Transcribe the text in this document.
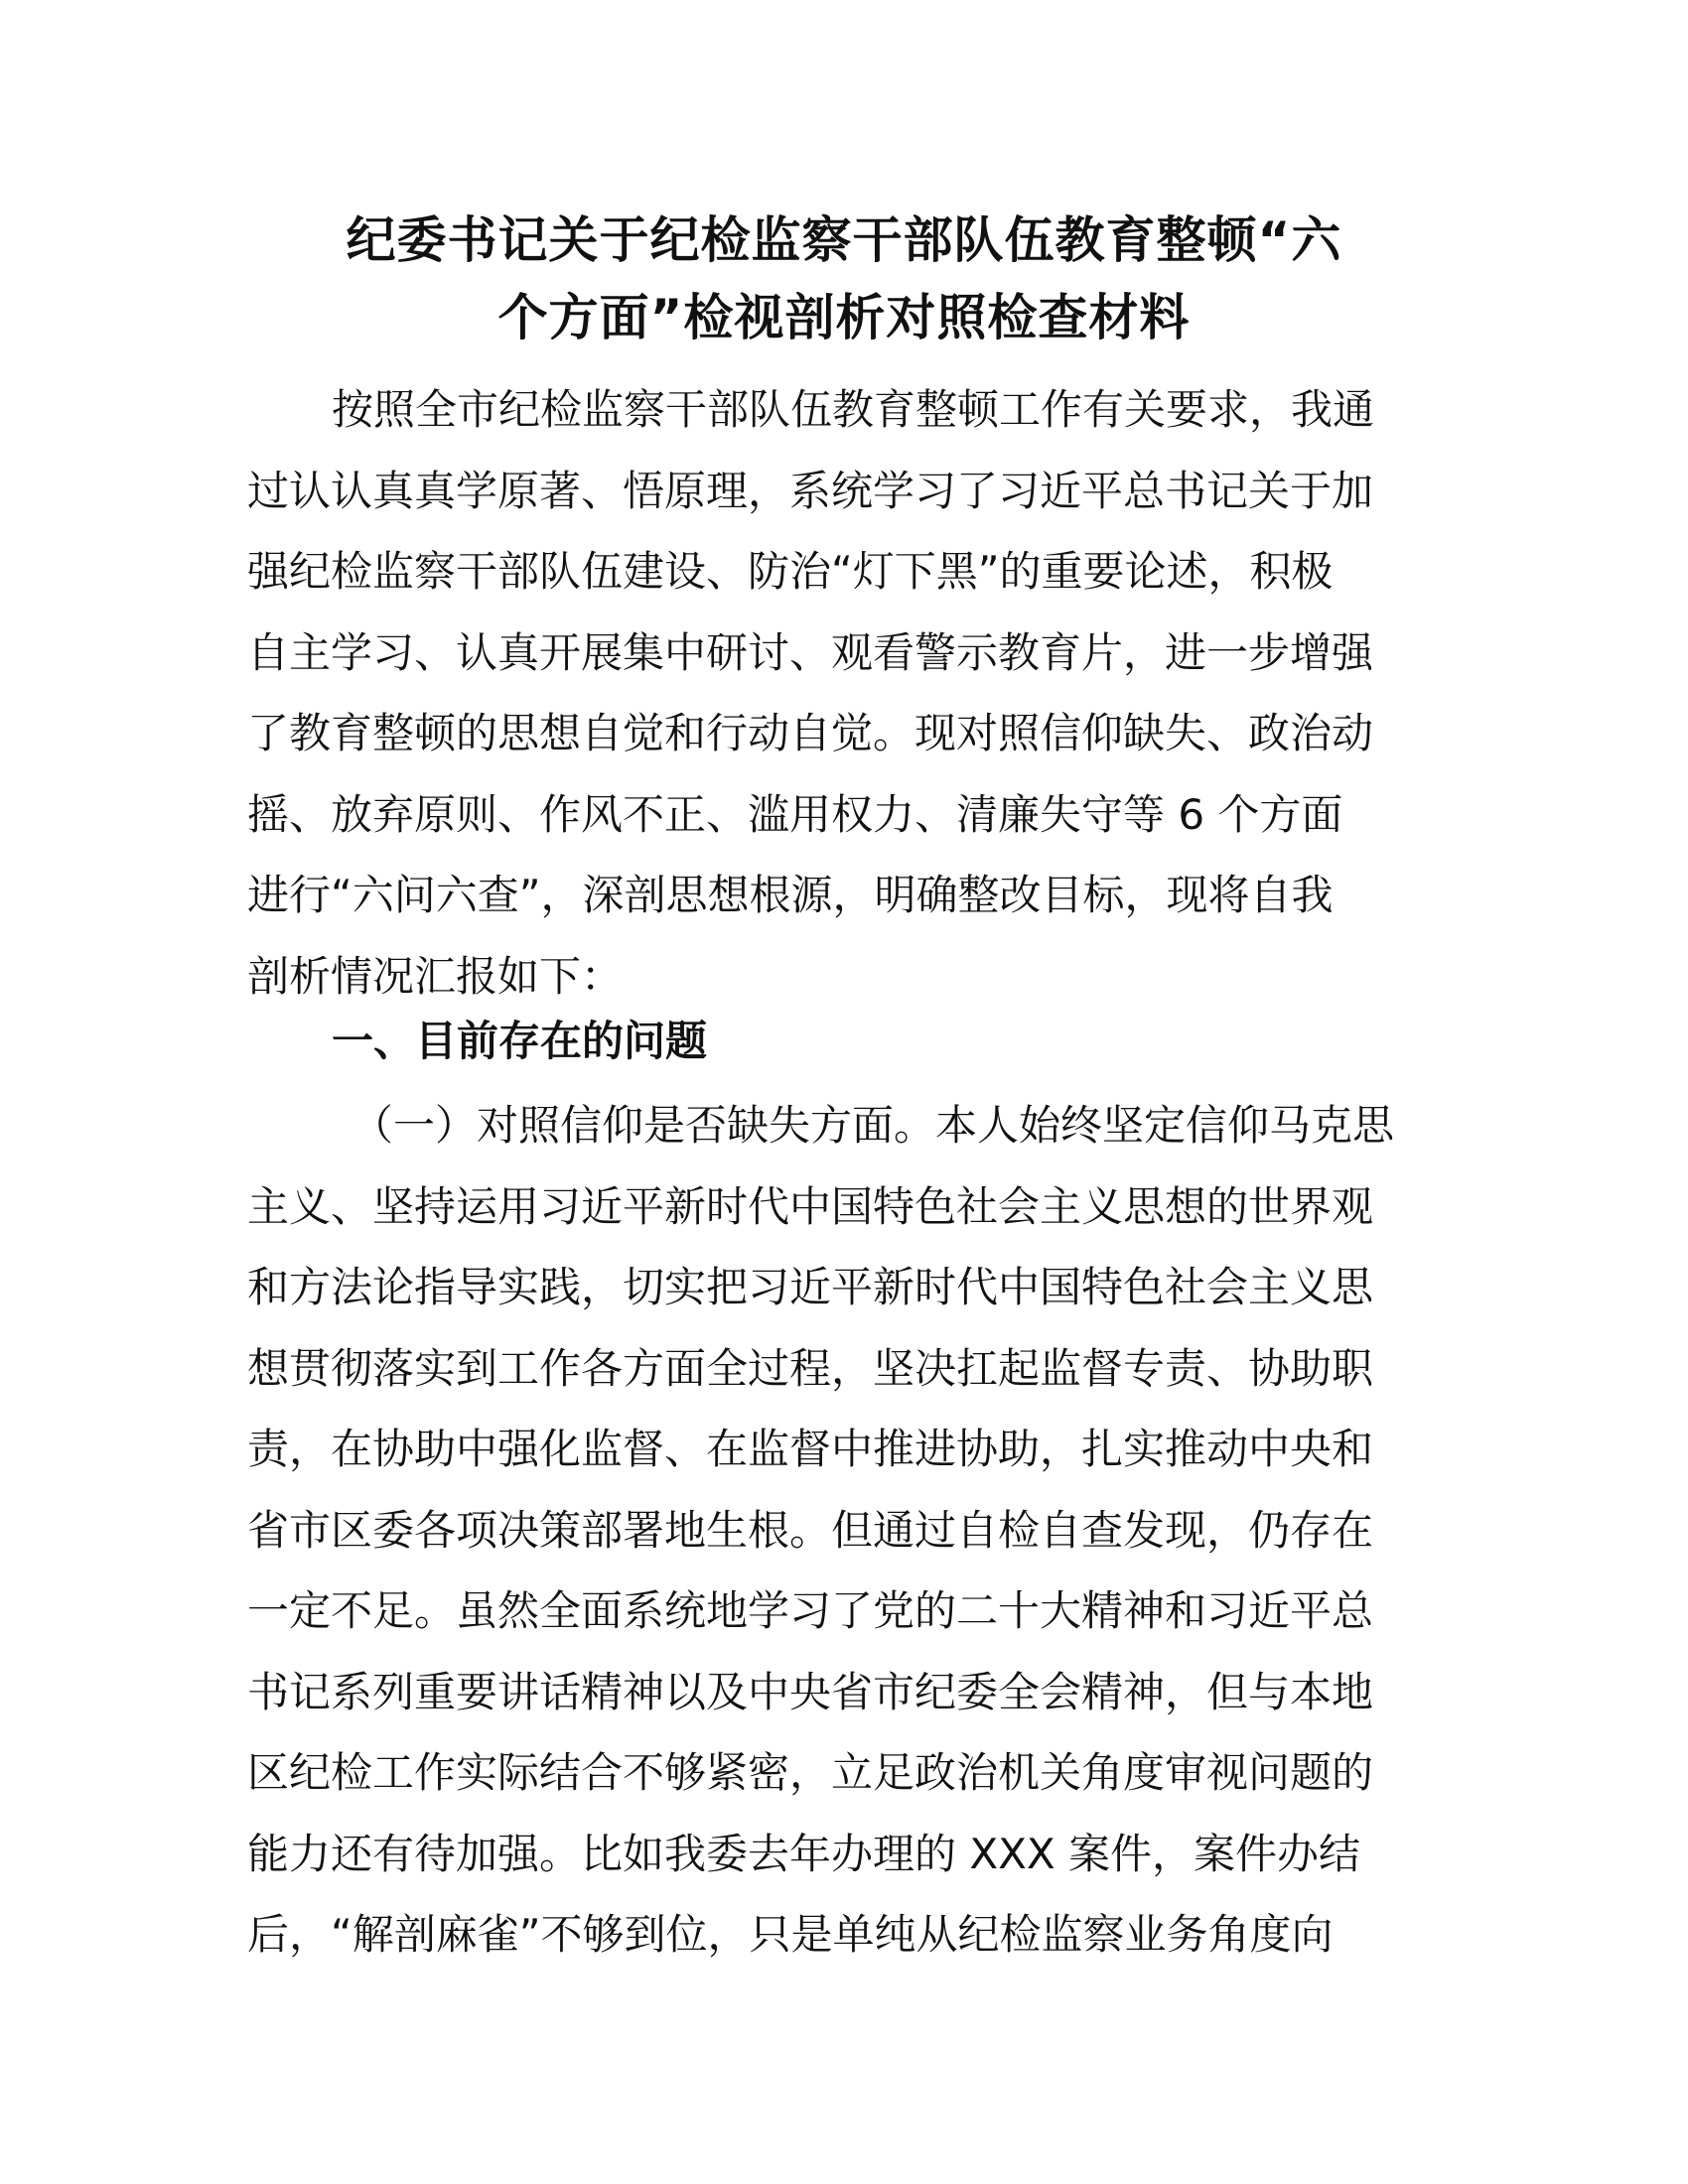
纪委书记关于纪检监察干部队伍教育整顿“六
个方面”检视剖析对照检查材料
按照全市纪检监察干部队伍教育整顿工作有关要求，我通
过认认真真学原著、悟原理，系统学习了习近平总书记关于加
强纪检监察干部队伍建设、防治“灯下黑”的重要论述，积极
自主学习、认真开展集中研讨、观看警示教育片，进一步增强
了教育整顿的思想自觉和行动自觉。现对照信仰缺失、政治动
摇、放弃原则、作风不正、滥用权力、清廉失守等 6 个方面
进行“六问六查”，深剖思想根源，明确整改目标，现将自我
剖析情况汇报如下：
一、目前存在的问题
（一）对照信仰是否缺失方面。本人始终坚定信仰马克思
主义、坚持运用习近平新时代中国特色社会主义思想的世界观
和方法论指导实践，切实把习近平新时代中国特色社会主义思
想贯彻落实到工作各方面全过程，坚决扛起监督专责、协助职
责，在协助中强化监督、在监督中推进协助，扎实推动中央和
省市区委各项决策部署地生根。但通过自检自查发现，仍存在
一定不足。虽然全面系统地学习了党的二十大精神和习近平总
书记系列重要讲话精神以及中央省市纪委全会精神，但与本地
区纪检工作实际结合不够紧密，立足政治机关角度审视问题的
能力还有待加强。比如我委去年办理的 XXX 案件，案件办结
后，“解剖麻雀”不够到位，只是单纯从纪检监察业务角度向
